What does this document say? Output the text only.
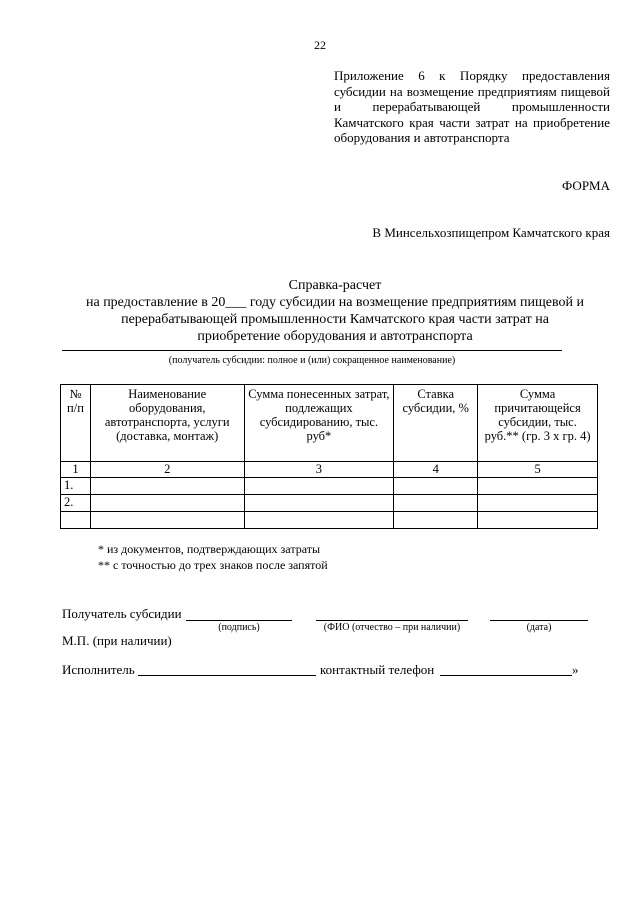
22
Приложение 6 к Порядку предоставления субсидии на возмещение предприятиям пищевой и перерабатывающей промышленности Камчатского края части затрат на приобретение оборудования и автотранспорта
ФОРМА
В Минсельхозпищепром Камчатского края
Справка-расчет
на предоставление в 20___ году субсидии на возмещение предприятиям пищевой и
перерабатывающей промышленности Камчатского края части затрат на
приобретение оборудования и автотранспорта
(получатель субсидии: полное и (или) сокращенное наименование)
№ п/п	Наименование оборудования, автотранспорта, услуги (доставка, монтаж)	Сумма понесенных затрат, подлежащих субсидированию, тыс. руб*	Ставка субсидии, %	Сумма причитающейся субсидии, тыс. руб.** (гр. 3 х гр. 4)
1	2	3	4	5
1.				
2.				

* из документов, подтверждающих затраты
** с точностью до трех знаков после запятой
Получатель субсидии
(подпись)	(ФИО (отчество – при наличии)	(дата)
М.П. (при наличии)
Исполнитель	контактный телефон	»
